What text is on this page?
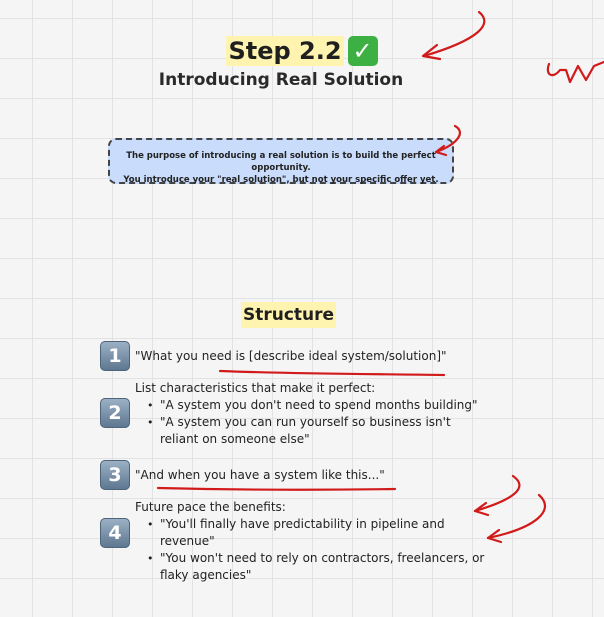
Step 2.2 ✓
Introducing Real Solution
The purpose of introducing a real solution is to build the perfect opportunity.
You introduce your "real solution", but not your specific offer yet.
Structure
1	"What you need is [describe ideal system/solution]"
2
List characteristics that make it perfect:
• "A system you don't need to spend months building"
• "A system you can run yourself so business isn't reliant on someone else"
3	"And when you have a system like this..."
4
Future pace the benefits:
• "You'll finally have predictability in pipeline and revenue"
• "You won't need to rely on contractors, freelancers, or flaky agencies"
